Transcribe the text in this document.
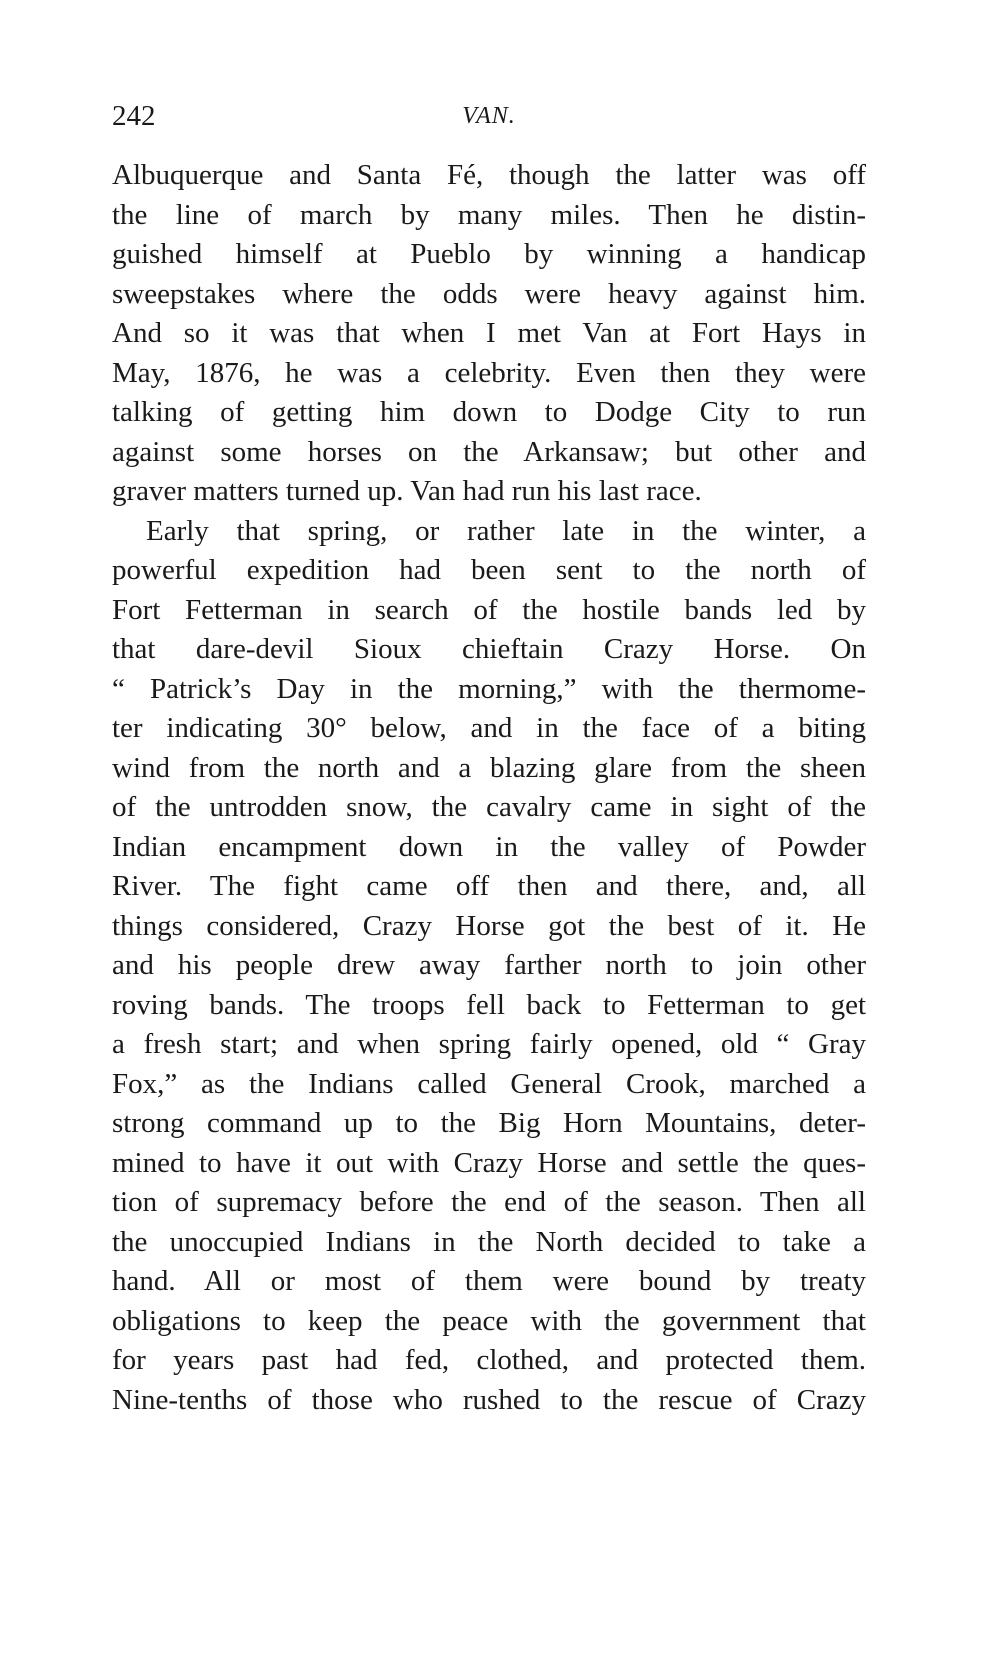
242	VAN.
Albuquerque and Santa Fé, though the latter was off
the line of march by many miles. Then he distin-
guished himself at Pueblo by winning a handicap
sweepstakes where the odds were heavy against him.
And so it was that when I met Van at Fort Hays in
May, 1876, he was a celebrity. Even then they were
talking of getting him down to Dodge City to run
against some horses on the Arkansaw; but other and
graver matters turned up. Van had run his last race.
Early that spring, or rather late in the winter, a
powerful expedition had been sent to the north of
Fort Fetterman in search of the hostile bands led by
that dare-devil Sioux chieftain Crazy Horse. On
“ Patrick’s Day in the morning,” with the thermome-
ter indicating 30° below, and in the face of a biting
wind from the north and a blazing glare from the sheen
of the untrodden snow, the cavalry came in sight of the
Indian encampment down in the valley of Powder
River. The fight came off then and there, and, all
things considered, Crazy Horse got the best of it. He
and his people drew away farther north to join other
roving bands. The troops fell back to Fetterman to get
a fresh start; and when spring fairly opened, old “ Gray
Fox,” as the Indians called General Crook, marched a
strong command up to the Big Horn Mountains, deter-
mined to have it out with Crazy Horse and settle the ques-
tion of supremacy before the end of the season. Then all
the unoccupied Indians in the North decided to take a
hand. All or most of them were bound by treaty
obligations to keep the peace with the government that
for years past had fed, clothed, and protected them.
Nine-tenths of those who rushed to the rescue of Crazy
